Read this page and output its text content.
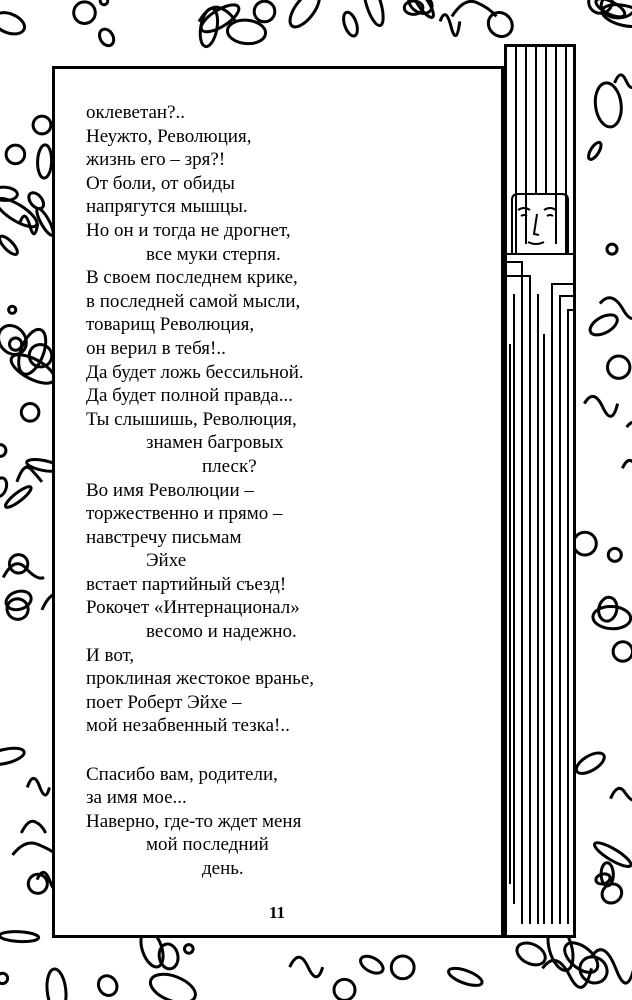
оклеветан?..
Неужто, Революция,
жизнь его – зря?!
От боли, от обиды
напрягутся мышцы.
Но он и тогда не дрогнет,
все муки стерпя.
В своем последнем крике,
в последней самой мысли,
товарищ Революция,
он верил в тебя!..
Да будет ложь бессильной.
Да будет полной правда...
Ты слышишь, Революция,
знамен багровых
плеск?
Во имя Революции –
торжественно и прямо –
навстречу письмам
Эйхе
встает партийный съезд!
Рокочет «Интернационал»
весомо и надежно.
И вот,
проклиная жестокое вранье,
поет Роберт Эйхе –
мой незабвенный тезка!..
Спасибо вам, родители,
за имя мое...
Наверно, где-то ждет меня
мой последний
день.
11
